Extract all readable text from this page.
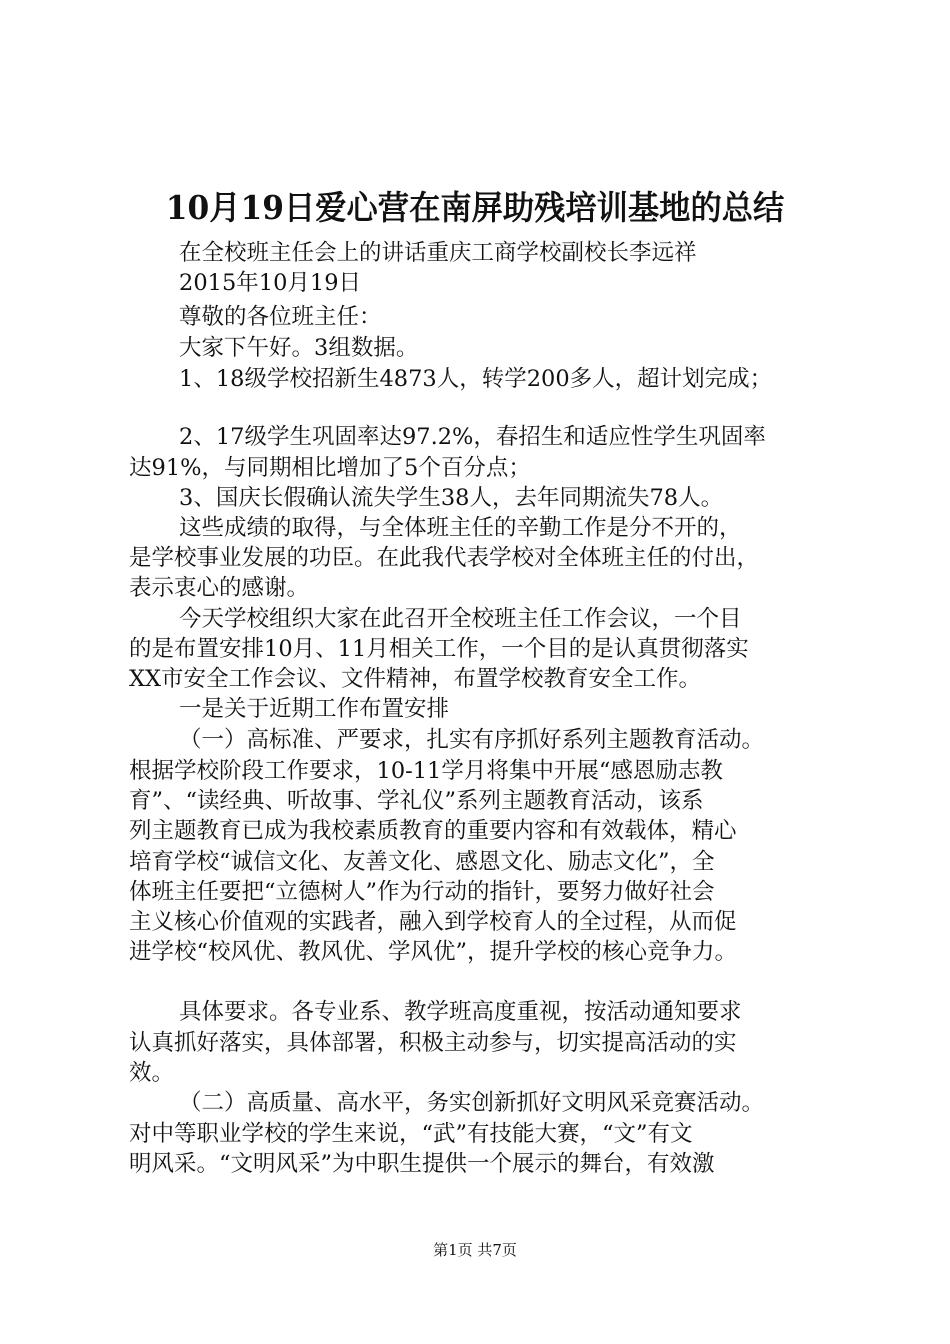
10月19日爱心营在南屏助残培训基地的总结
在全校班主任会上的讲话重庆工商学校副校长李远祥
2015年10月19日
尊敬的各位班主任：
大家下午好。3组数据。
1、18级学校招新生4873人，转学200多人，超计划完成；
2、17级学生巩固率达97.2%，春招生和适应性学生巩固率
达91%，与同期相比增加了5个百分点；
3、国庆长假确认流失学生38人，去年同期流失78人。
这些成绩的取得，与全体班主任的辛勤工作是分不开的，
是学校事业发展的功臣。在此我代表学校对全体班主任的付出，
表示衷心的感谢。
今天学校组织大家在此召开全校班主任工作会议，一个目
的是布置安排10月、11月相关工作，一个目的是认真贯彻落实
XX市安全工作会议、文件精神，布置学校教育安全工作。
一是关于近期工作布置安排
（一）高标准、严要求，扎实有序抓好系列主题教育活动。
根据学校阶段工作要求，10-11学月将集中开展“感恩励志教
育”、“读经典、听故事、学礼仪”系列主题教育活动，该系
列主题教育已成为我校素质教育的重要内容和有效载体，精心
培育学校“诚信文化、友善文化、感恩文化、励志文化”，全
体班主任要把“立德树人”作为行动的指针，要努力做好社会
主义核心价值观的实践者，融入到学校育人的全过程，从而促
进学校“校风优、教风优、学风优”，提升学校的核心竞争力。
具体要求。各专业系、教学班高度重视，按活动通知要求
认真抓好落实，具体部署，积极主动参与，切实提高活动的实
效。
（二）高质量、高水平，务实创新抓好文明风采竞赛活动。
对中等职业学校的学生来说，“武”有技能大赛，“文”有文
明风采。“文明风采”为中职生提供一个展示的舞台，有效激
第1页 共7页
